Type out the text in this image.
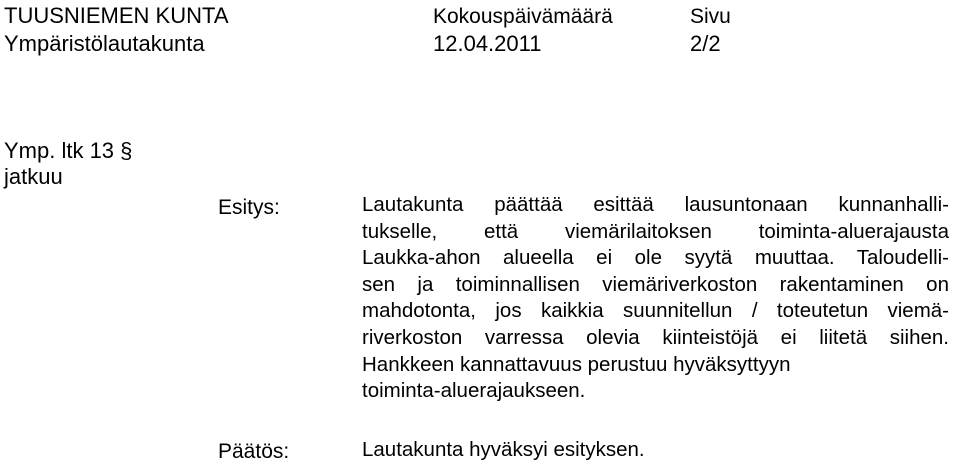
TUUSNIEMEN KUNTA
Ympäristölautakunta
Kokouspäivämäärä
12.04.2011
Sivu
2/2
Ymp. ltk 13 §
jatkuu
Esitys:	Lautakunta päättää esittää lausuntonaan kunnanhalli-
tukselle, että viemärilaitoksen toiminta-aluerajausta
Laukka-ahon alueella ei ole syytä muuttaa. Taloudelli-
sen ja toiminnallisen viemäriverkoston rakentaminen on
mahdotonta, jos kaikkia suunnitellun / toteutetun viemä-
riverkoston varressa olevia kiinteistöjä ei liitetä siihen.
Hankkeen kannattavuus perustuu hyväksyttyyn
toiminta-aluerajaukseen.
Päätös:	Lautakunta hyväksyi esityksen.
